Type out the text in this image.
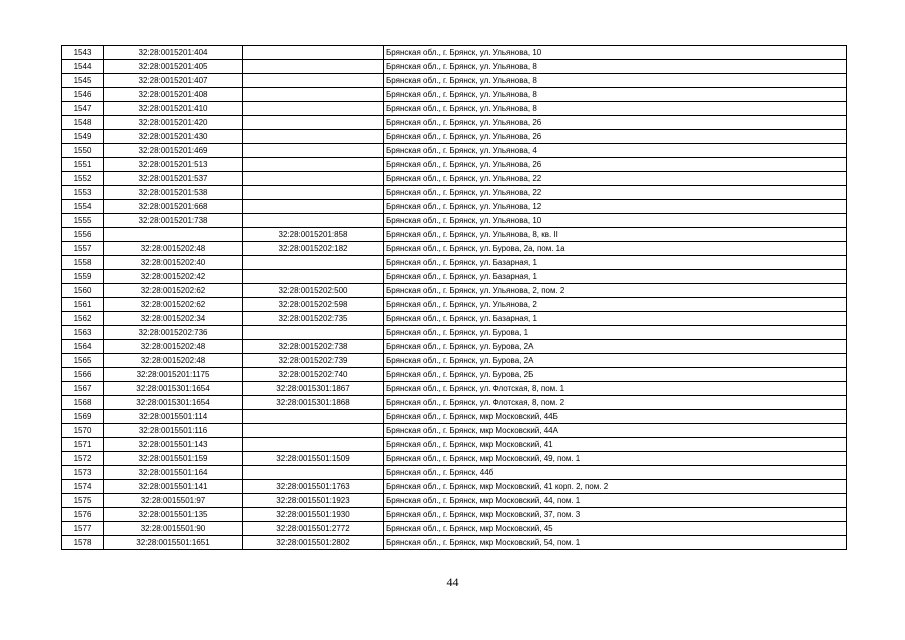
1543	32:28:0015201:404		Брянская обл., г. Брянск, ул. Ульянова, 10
1544	32:28:0015201:405		Брянская обл., г. Брянск, ул. Ульянова, 8
1545	32:28:0015201:407		Брянская обл., г. Брянск, ул. Ульянова, 8
1546	32:28:0015201:408		Брянская обл., г. Брянск, ул. Ульянова, 8
1547	32:28:0015201:410		Брянская обл., г. Брянск, ул. Ульянова, 8
1548	32:28:0015201:420		Брянская обл., г. Брянск, ул. Ульянова, 26
1549	32:28:0015201:430		Брянская обл., г. Брянск, ул. Ульянова, 26
1550	32:28:0015201:469		Брянская обл., г. Брянск, ул. Ульянова, 4
1551	32:28:0015201:513		Брянская обл., г. Брянск, ул. Ульянова, 26
1552	32:28:0015201:537		Брянская обл., г. Брянск, ул. Ульянова, 22
1553	32:28:0015201:538		Брянская обл., г. Брянск, ул. Ульянова, 22
1554	32:28:0015201:668		Брянская обл., г. Брянск, ул. Ульянова, 12
1555	32:28:0015201:738		Брянская обл., г. Брянск, ул. Ульянова, 10
1556		32:28:0015201:858	Брянская обл., г. Брянск, ул. Ульянова, 8, кв. II
1557	32:28:0015202:48	32:28:0015202:182	Брянская обл., г. Брянск, ул. Бурова, 2а, пом. 1а
1558	32:28:0015202:40		Брянская обл., г. Брянск, ул. Базарная, 1
1559	32:28:0015202:42		Брянская обл., г. Брянск, ул. Базарная, 1
1560	32:28:0015202:62	32:28:0015202:500	Брянская обл., г. Брянск, ул. Ульянова, 2, пом. 2
1561	32:28:0015202:62	32:28:0015202:598	Брянская обл., г. Брянск, ул. Ульянова, 2
1562	32:28:0015202:34	32:28:0015202:735	Брянская обл., г. Брянск, ул. Базарная, 1
1563	32:28:0015202:736		Брянская обл., г. Брянск, ул. Бурова, 1
1564	32:28:0015202:48	32:28:0015202:738	Брянская обл., г. Брянск, ул. Бурова, 2А
1565	32:28:0015202:48	32:28:0015202:739	Брянская обл., г. Брянск, ул. Бурова, 2А
1566	32:28:0015201:1175	32:28:0015202:740	Брянская обл., г. Брянск, ул. Бурова, 2Б
1567	32:28:0015301:1654	32:28:0015301:1867	Брянская обл., г. Брянск, ул. Флотская, 8, пом. 1
1568	32:28:0015301:1654	32:28:0015301:1868	Брянская обл., г. Брянск, ул. Флотская, 8, пом. 2
1569	32:28:0015501:114		Брянская обл., г. Брянск, мкр Московский, 44Б
1570	32:28:0015501:116		Брянская обл., г. Брянск, мкр Московский, 44А
1571	32:28:0015501:143		Брянская обл., г. Брянск, мкр Московский, 41
1572	32:28:0015501:159	32:28:0015501:1509	Брянская обл., г. Брянск, мкр Московский, 49, пом. 1
1573	32:28:0015501:164		Брянская обл., г. Брянск, 44б
1574	32:28:0015501:141	32:28:0015501:1763	Брянская обл., г. Брянск, мкр Московский, 41 корп. 2, пом. 2
1575	32:28:0015501:97	32:28:0015501:1923	Брянская обл., г. Брянск, мкр Московский, 44, пом. 1
1576	32:28:0015501:135	32:28:0015501:1930	Брянская обл., г. Брянск, мкр Московский, 37, пом. 3
1577	32:28:0015501:90	32:28:0015501:2772	Брянская обл., г. Брянск, мкр Московский, 45
1578	32:28:0015501:1651	32:28:0015501:2802	Брянская обл., г. Брянск, мкр Московский, 54, пом. 1
44
